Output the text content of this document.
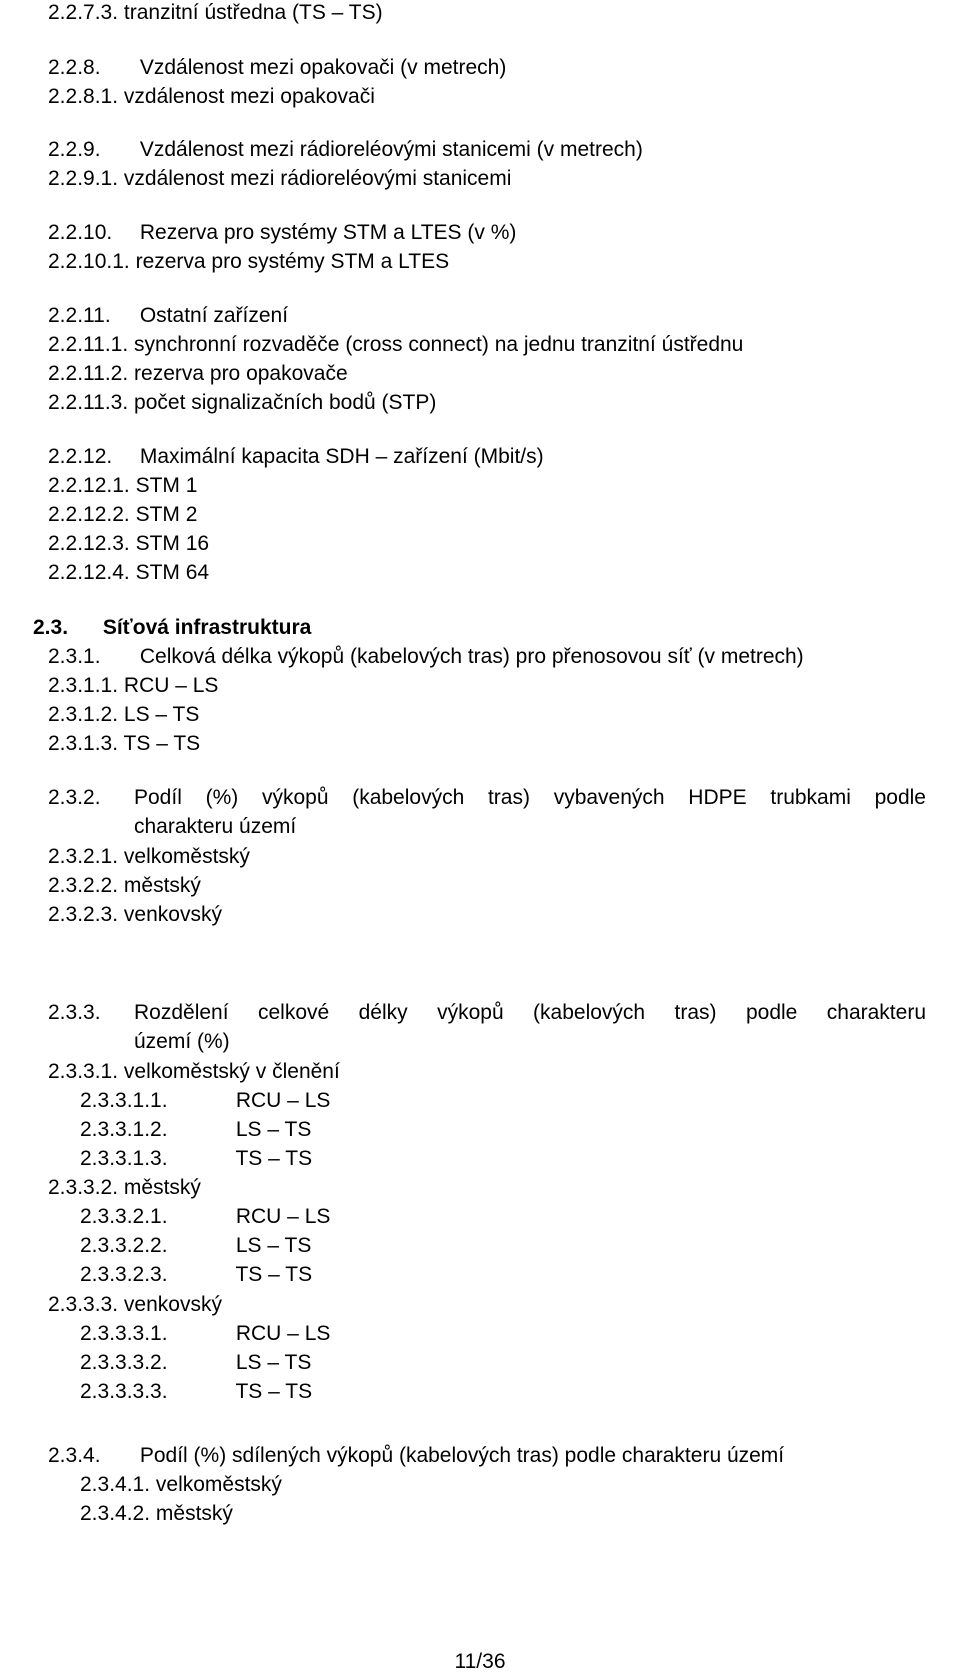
2.2.7.3. tranzitní ústředna (TS – TS)
2.2.8. Vzdálenost mezi opakovači (v metrech)
2.2.8.1. vzdálenost mezi opakovači
2.2.9. Vzdálenost mezi rádioreléovými stanicemi (v metrech)
2.2.9.1. vzdálenost mezi rádioreléovými stanicemi
2.2.10. Rezerva pro systémy STM a LTES (v %)
2.2.10.1. rezerva pro systémy STM a LTES
2.2.11. Ostatní zařízení
2.2.11.1. synchronní rozvaděče (cross connect) na jednu tranzitní ústřednu
2.2.11.2. rezerva pro opakovače
2.2.11.3. počet signalizačních bodů (STP)
2.2.12. Maximální kapacita SDH – zařízení (Mbit/s)
2.2.12.1. STM 1
2.2.12.2. STM 2
2.2.12.3. STM 16
2.2.12.4. STM 64
2.3. Síťová infrastruktura
2.3.1. Celková délka výkopů (kabelových tras) pro přenosovou síť (v metrech)
2.3.1.1. RCU – LS
2.3.1.2. LS – TS
2.3.1.3. TS – TS
2.3.2.	Podíl (%) výkopů (kabelových tras) vybavených HDPE trubkami podle
charakteru území
2.3.2.1. velkoměstský
2.3.2.2. městský
2.3.2.3. venkovský
2.3.3.	Rozdělení celkové délky výkopů (kabelových tras) podle charakteru
území (%)
2.3.3.1. velkoměstský v členění
2.3.3.1.1.	RCU – LS
2.3.3.1.2.	LS – TS
2.3.3.1.3.	TS – TS
2.3.3.2. městský
2.3.3.2.1.	RCU – LS
2.3.3.2.2.	LS – TS
2.3.3.2.3.	TS – TS
2.3.3.3. venkovský
2.3.3.3.1.	RCU – LS
2.3.3.3.2.	LS – TS
2.3.3.3.3.	TS – TS
2.3.4. Podíl (%) sdílených výkopů (kabelových tras) podle charakteru území
2.3.4.1. velkoměstský
2.3.4.2. městský
11/36
